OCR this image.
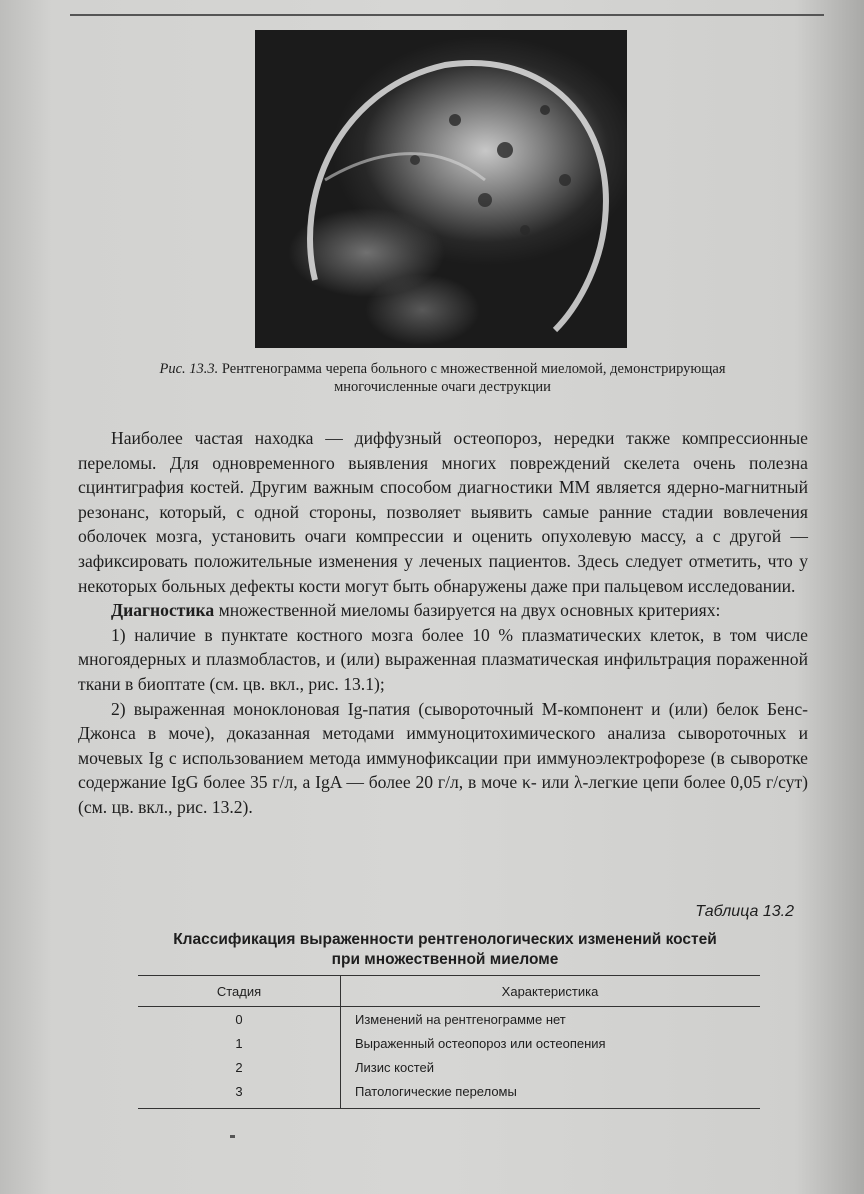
Рис. 13.3. Рентгенограмма черепа больного с множественной миеломой, демонстрирующая
многочисленные очаги деструкции

Наиболее частая находка — диффузный остеопороз, нередки также компрессионные переломы. Для одновременного выявления многих повреждений скелета очень полезна сцинтиграфия костей. Другим важным способом диагностики ММ является ядерно-магнитный резонанс, который, с одной стороны, позволяет выявить самые ранние стадии вовлечения оболочек мозга, установить очаги компрессии и оценить опухолевую массу, а с другой — зафиксировать положительные изменения у леченых пациентов. Здесь следует отметить, что у некоторых больных дефекты кости могут быть обнаружены даже при пальцевом исследовании.

Диагностика множественной миеломы базируется на двух основных критериях:

1) наличие в пунктате костного мозга более 10 % плазматических клеток, в том числе многоядерных и плазмобластов, и (или) выраженная плазматическая инфильтрация пораженной ткани в биоптате (см. цв. вкл., рис. 13.1);

2) выраженная моноклоновая Ig-патия (сывороточный М-компонент и (или) белок Бенс-Джонса в моче), доказанная методами иммуноцитохимического анализа сывороточных и мочевых Ig с использованием метода иммунофиксации при иммуноэлектрофорезе (в сыворотке содержание IgG более 35 г/л, а IgA — более 20 г/л, в моче κ- или λ-легкие цепи более 0,05 г/сут) (см. цв. вкл., рис. 13.2).

Таблица 13.2
Классификация выраженности рентгенологических изменений костей
при множественной миеломе
Стадия	Характеристика
0	Изменений на рентгенограмме нет
1	Выраженный остеопороз или остеопения
2	Лизис костей
3	Патологические переломы
